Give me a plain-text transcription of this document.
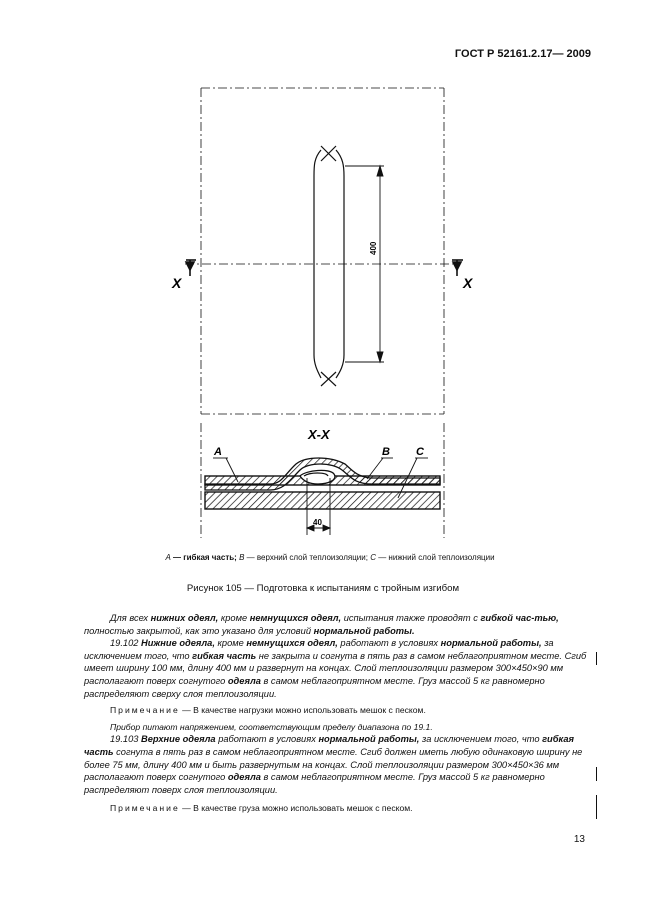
ГОСТ Р 52161.2.17— 2009
400
X	X
X-X
A	B C
40
A — гибкая часть; B — верхний слой теплоизоляции; C — нижний слой теплоизоляции
Рисунок 105 — Подготовка к испытаниям с тройным изгибом

Для всех нижних одеял, кроме немнущихся одеял, испытания также проводят с гибкой час-тью, полностью закрытой, как это указано для условий нормальной работы.

19.102 Нижние одеяла, кроме немнущихся одеял, работают в условиях нормальной работы, за исключением того, что гибкая часть не закрыта и согнута в пять раз в самом неблагоприятном месте. Сгиб имеет ширину 100 мм, длину 400 мм и развернут на концах. Слой теплоизоляции размером 300×450×90 мм располагают поверх согнутого одеяла в самом неблагоприятном месте. Груз массой 5 кг равномерно распределяют сверху слоя теплоизоляции.

Примечание — В качестве нагрузки можно использовать мешок с песком.

Прибор питают напряжением, соответствующим пределу диапазона по 19.1.

19.103 Верхние одеяла работают в условиях нормальной работы, за исключением того, что гибкая часть согнута в пять раз в самом неблагоприятном месте. Сгиб должен иметь любую одинаковую ширину не более 75 мм, длину 400 мм и быть развернутым на концах. Слой теплоизоляции размером 300×450×36 мм располагают поверх согнутого одеяла в самом неблагоприятном месте. Груз массой 5 кг равномерно распределяют поверх слоя теплоизоляции.

Примечание — В качестве груза можно использовать мешок с песком.

13
